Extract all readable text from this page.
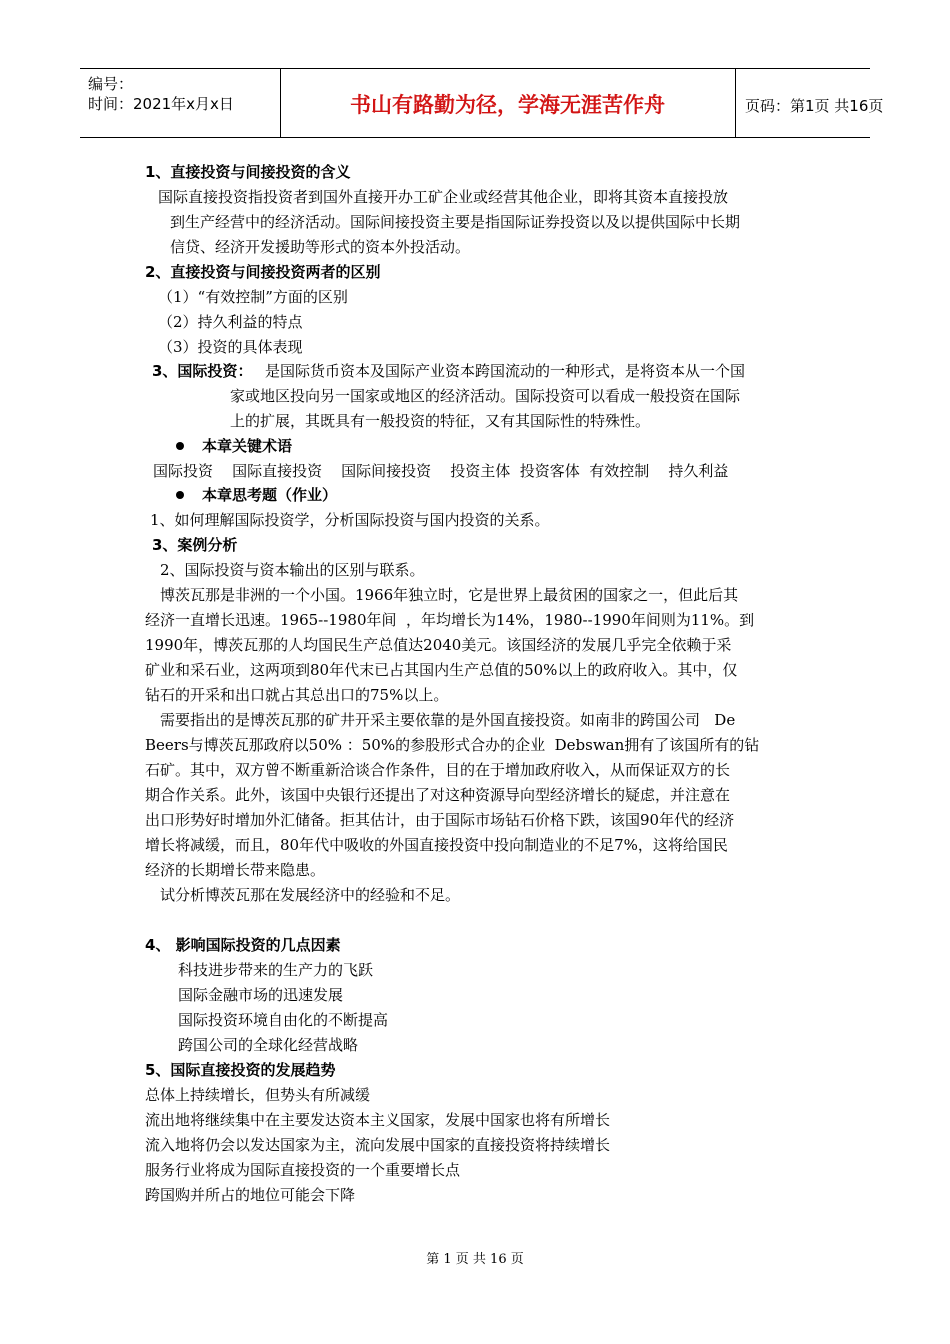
编号：
时间：2021年x月x日	书山有路勤为径，学海无涯苦作舟	页码：第1页 共16页
1、直接投资与间接投资的含义
国际直接投资指投资者到国外直接开办工矿企业或经营其他企业，即将其资本直接投放
到生产经营中的经济活动。国际间接投资主要是指国际证券投资以及以提供国际中长期
信贷、经济开发援助等形式的资本外投活动。
2、直接投资与间接投资两者的区别
（1）“有效控制”方面的区别
（2）持久利益的特点
（3）投资的具体表现
3、国际投资： 是国际货币资本及国际产业资本跨国流动的一种形式，是将资本从一个国
家或地区投向另一国家或地区的经济活动。国际投资可以看成一般投资在国际
上的扩展，其既具有一般投资的特征，又有其国际性的特殊性。
本章关键术语
国际投资    国际直接投资    国际间接投资    投资主体  投资客体  有效控制    持久利益
本章思考题（作业）
1、如何理解国际投资学，分析国际投资与国内投资的关系。
3、案例分析
2、国际投资与资本输出的区别与联系。
博茨瓦那是非洲的一个小国。1966年独立时，它是世界上最贫困的国家之一，但此后其
经济一直增长迅速。1965--1980年间  ，年均增长为14%，1980--1990年间则为11%。到
1990年，博茨瓦那的人均国民生产总值达2040美元。该国经济的发展几乎完全依赖于采
矿业和采石业，这两项到80年代末已占其国内生产总值的50%以上的政府收入。其中，仅
钻石的开采和出口就占其总出口的75%以上。
需要指出的是博茨瓦那的矿井开采主要依靠的是外国直接投资。如南非的跨国公司   De
Beers与博茨瓦那政府以50% ：50%的参股形式合办的企业  Debswan拥有了该国所有的钻
石矿。其中，双方曾不断重新洽谈合作条件，目的在于增加政府收入，从而保证双方的长
期合作关系。此外，该国中央银行还提出了对这种资源导向型经济增长的疑虑，并注意在
出口形势好时增加外汇储备。拒其估计，由于国际市场钻石价格下跌，该国90年代的经济
增长将减缓，而且，80年代中吸收的外国直接投资中投向制造业的不足7%，这将给国民
经济的长期增长带来隐患。
试分析博茨瓦那在发展经济中的经验和不足。
4、 影响国际投资的几点因素
科技进步带来的生产力的飞跃
国际金融市场的迅速发展
国际投资环境自由化的不断提高
跨国公司的全球化经营战略
5、国际直接投资的发展趋势
总体上持续增长，但势头有所减缓
流出地将继续集中在主要发达资本主义国家，发展中国家也将有所增长
流入地将仍会以发达国家为主，流向发展中国家的直接投资将持续增长
服务行业将成为国际直接投资的一个重要增长点
跨国购并所占的地位可能会下降
第 1 页 共 16 页
